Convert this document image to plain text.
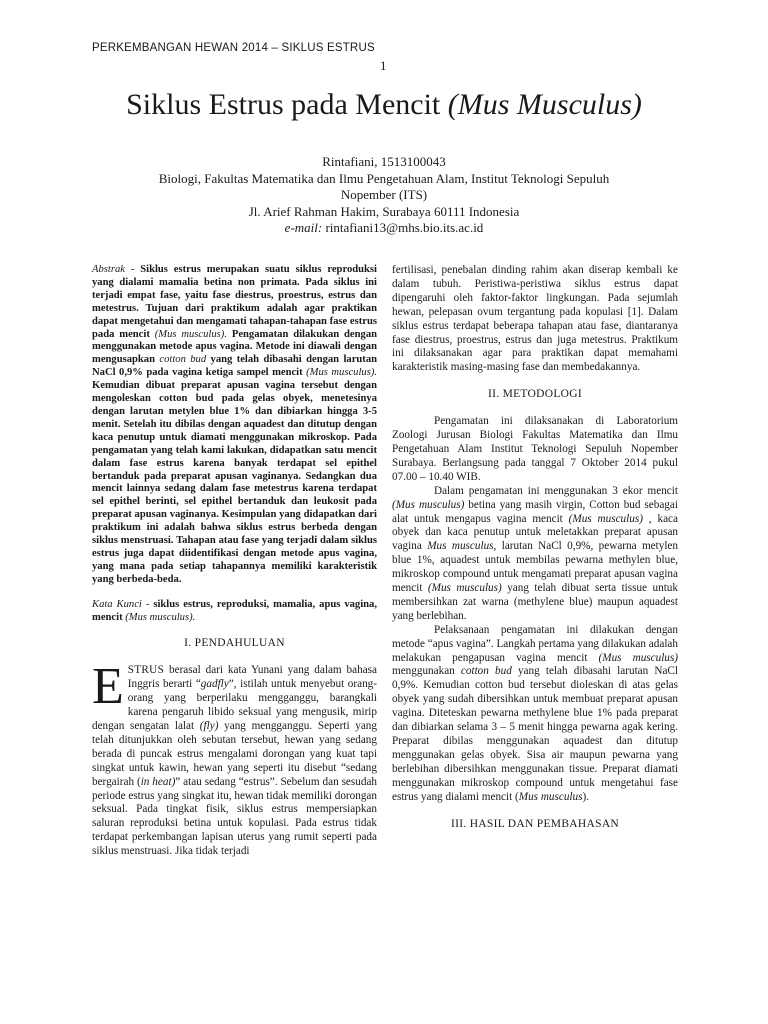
PERKEMBANGAN HEWAN 2014 – SIKLUS ESTRUS
1
Siklus Estrus pada Mencit (Mus Musculus)

Rintafiani, 1513100043

Biologi, Fakultas Matematika dan Ilmu Pengetahuan Alam, Institut Teknologi Sepuluh Nopember (ITS)

Jl. Arief Rahman Hakim, Surabaya 60111 Indonesia

e-mail: rintafiani13@mhs.bio.its.ac.id

Abstrak - Siklus estrus merupakan suatu siklus reproduksi yang dialami mamalia betina non primata. Pada siklus ini terjadi empat fase, yaitu fase diestrus, proestrus, estrus dan metestrus. Tujuan dari praktikum adalah agar praktikan dapat mengetahui dan mengamati tahapan-tahapan fase estrus pada mencit (Mus musculus). Pengamatan dilakukan dengan menggunakan metode apus vagina. Metode ini diawali dengan mengusapkan cotton bud yang telah dibasahi dengan larutan NaCl 0,9% pada vagina ketiga sampel mencit (Mus musculus). Kemudian dibuat preparat apusan vagina tersebut dengan mengoleskan cotton bud pada gelas obyek, menetesinya dengan larutan metylen blue 1% dan dibiarkan hingga 3-5 menit. Setelah itu dibilas dengan aquadest dan ditutup dengan kaca penutup untuk diamati menggunakan mikroskop. Pada pengamatan yang telah kami lakukan, didapatkan satu mencit dalam fase estrus karena banyak terdapat sel epithel bertanduk pada preparat apusan vaginanya. Sedangkan dua mencit lainnya sedang dalam fase metestrus karena terdapat sel epithel berinti, sel epithel bertanduk dan leukosit pada preparat apusan vaginanya. Kesimpulan yang didapatkan dari praktikum ini adalah bahwa siklus estrus berbeda dengan siklus menstruasi. Tahapan atau fase yang terjadi dalam siklus estrus juga dapat diidentifikasi dengan metode apus vagina, yang mana pada setiap tahapannya memiliki karakteristik yang berbeda-beda.

Kata Kunci - siklus estrus, reproduksi, mamalia, apus vagina, mencit (Mus musculus).

I. PENDAHULUAN

ESTRUS berasal dari kata Yunani yang dalam bahasa Inggris berarti “gadfly”, istilah untuk menyebut orang-orang yang berperilaku mengganggu, barangkali karena pengaruh libido seksual yang mengusik, mirip dengan sengatan lalat (fly) yang mengganggu. Seperti yang telah ditunjukkan oleh sebutan tersebut, hewan yang sedang berada di puncak estrus mengalami dorongan yang kuat tapi singkat untuk kawin, hewan yang seperti itu disebut “sedang bergairah (in heat)” atau sedang “estrus”. Sebelum dan sesudah periode estrus yang singkat itu, hewan tidak memiliki dorongan seksual. Pada tingkat fisik, siklus estrus mempersiapkan saluran reproduksi betina untuk kopulasi. Pada estrus tidak terdapat perkembangan lapisan uterus yang rumit seperti pada siklus menstruasi. Jika tidak terjadi

fertilisasi, penebalan dinding rahim akan diserap kembali ke dalam tubuh. Peristiwa-peristiwa siklus estrus dapat dipengaruhi oleh faktor-faktor lingkungan. Pada sejumlah hewan, pelepasan ovum tergantung pada kopulasi [1]. Dalam siklus estrus terdapat beberapa tahapan atau fase, diantaranya fase diestrus, proestrus, estrus dan juga metestrus. Praktikum ini dilaksanakan agar para praktikan dapat memahami karakteristik masing-masing fase dan membedakannya.

II. METODOLOGI

Pengamatan ini dilaksanakan di Laboratorium Zoologi Jurusan Biologi Fakultas Matematika dan Ilmu Pengetahuan Alam Institut Teknologi Sepuluh Nopember Surabaya. Berlangsung pada tanggal 7 Oktober 2014 pukul 07.00 – 10.40 WIB.

Dalam pengamatan ini menggunakan 3 ekor mencit (Mus musculus) betina yang masih virgin, Cotton bud sebagai alat untuk mengapus vagina mencit (Mus musculus) , kaca obyek dan kaca penutup untuk meletakkan preparat apusan vagina Mus musculus, larutan NaCl 0,9%, pewarna metylen blue 1%, aquadest untuk membilas pewarna methylen blue, mikroskop compound untuk mengamati preparat apusan vagina mencit (Mus musculus) yang telah dibuat serta tissue untuk membersihkan zat warna (methylene blue) maupun aquadest yang berlebihan.

Pelaksanaan pengamatan ini dilakukan dengan metode “apus vagina”. Langkah pertama yang dilakukan adalah melakukan pengapusan vagina mencit (Mus musculus) menggunakan cotton bud yang telah dibasahi larutan NaCl 0,9%. Kemudian cotton bud tersebut dioleskan di atas gelas obyek yang sudah dibersihkan untuk membuat preparat apusan vagina. Diteteskan pewarna methylene blue 1% pada preparat dan dibiarkan selama 3 – 5 menit hingga pewarna agak kering. Preparat dibilas menggunakan aquadest dan ditutup menggunakan gelas obyek. Sisa air maupun pewarna yang berlebihan dibersihkan menggunakan tissue. Preparat diamati menggunakan mikroskop compound untuk mengetahui fase estrus yang dialami mencit (Mus musculus).

III. HASIL DAN PEMBAHASAN
